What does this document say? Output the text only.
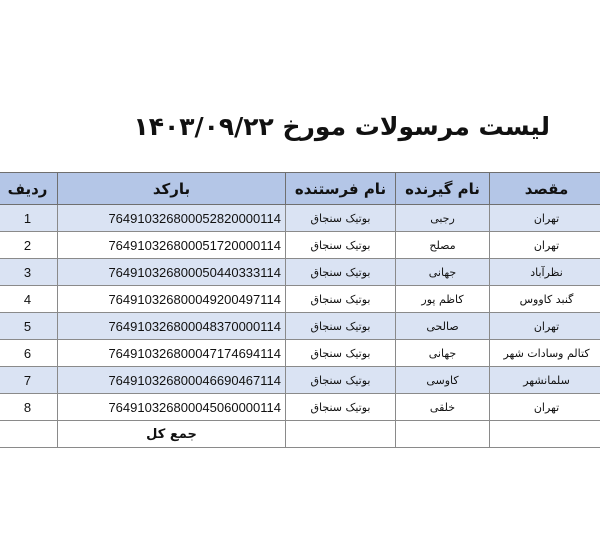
لیست مرسولات مورخ ۱۴۰۳/۰۹/۲۲
مقصد	نام گیرنده	نام فرستنده	بارکد	ردیف
تهران	رجبی	بوتیک سنجاق	764910326800052820000114	1
تهران	مصلح	بوتیک سنجاق	764910326800051720000114	2
نظرآباد	جهانی	بوتیک سنجاق	764910326800050440333114	3
گنبد کاووس	کاظم پور	بوتیک سنجاق	764910326800049200497114	4
تهران	صالحی	بوتیک سنجاق	764910326800048370000114	5
کتالم وسادات شهر	جهانی	بوتیک سنجاق	764910326800047174694114	6
سلمانشهر	کاوسی	بوتیک سنجاق	764910326800046690467114	7
تهران	خلقی	بوتیک سنجاق	764910326800045060000114	8
			جمع کل	
